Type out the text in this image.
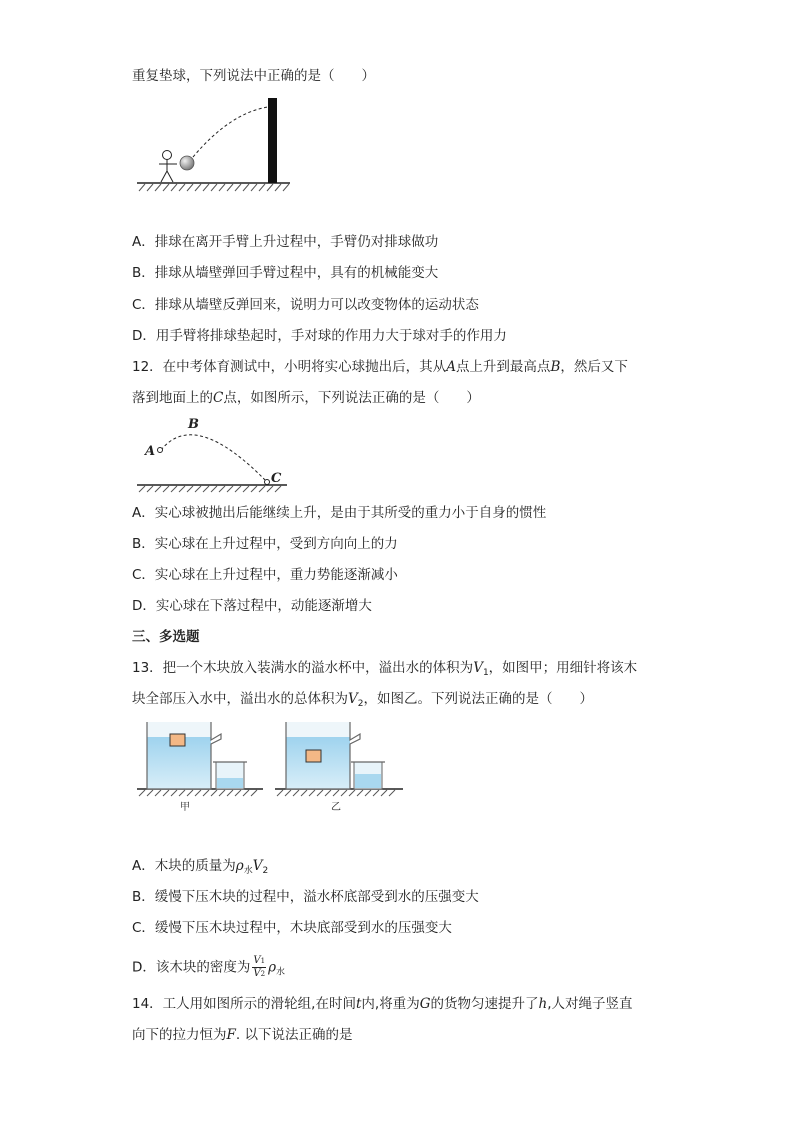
重复垫球，下列说法中正确的是（　　）
A．排球在离开手臂上升过程中，手臂仍对排球做功
B．排球从墙壁弹回手臂过程中，具有的机械能变大
C．排球从墙壁反弹回来，说明力可以改变物体的运动状态
D．用手臂将排球垫起时，手对球的作用力大于球对手的作用力
12．在中考体育测试中，小明将实心球抛出后，其从A点上升到最高点B，然后又下
落到地面上的C点，如图所示，下列说法正确的是（　　）
A
B
C
A．实心球被抛出后能继续上升，是由于其所受的重力小于自身的惯性
B．实心球在上升过程中，受到方向向上的力
C．实心球在上升过程中，重力势能逐渐减小
D．实心球在下落过程中，动能逐渐增大
三、多选题
13．把一个木块放入装满水的溢水杯中，溢出水的体积为$V_1$，如图甲；用细针将该木
块全部压入水中，溢出水的总体积为$V_2$，如图乙。下列说法正确的是（　　）
甲	乙
A．木块的质量为$\rho_水V_2$
B．缓慢下压木块的过程中，溢水杯底部受到水的压强变大
C．缓慢下压木块过程中，木块底部受到水的压强变大
D．该木块的密度为 $\frac{V1}{V2} \rho_水$
14．工人用如图所示的滑轮组,在时间t内,将重为G的货物匀速提升了h,人对绳子竖直
向下的拉力恒为F. 以下说法正确的是
